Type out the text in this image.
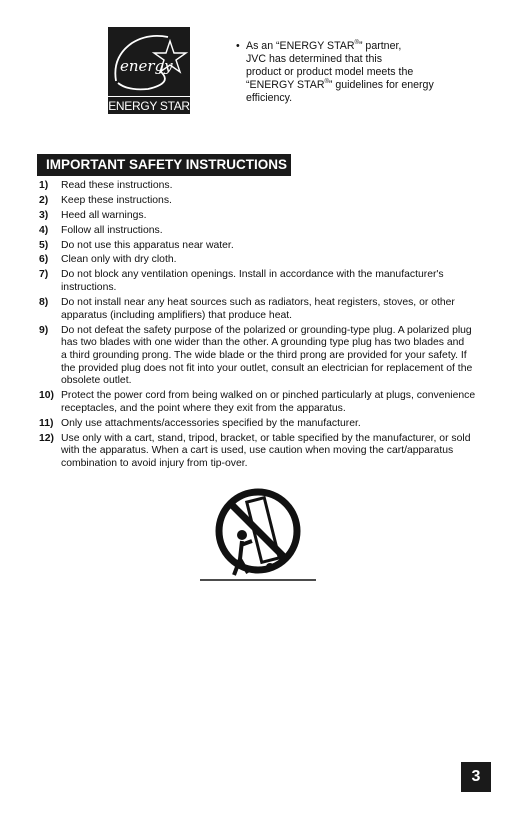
energy
ENERGY STAR
• As an “ENERGY STAR®” partner,
JVC has determined that this
product or product model meets the
“ENERGY STAR®” guidelines for energy
efficiency.
IMPORTANT SAFETY INSTRUCTIONS
1) Read these instructions.
2) Keep these instructions.
3) Heed all warnings.
4) Follow all instructions.
5) Do not use this apparatus near water.
6) Clean only with dry cloth.
7) Do not block any ventilation openings. Install in accordance with the manufacturer's
instructions.
8) Do not install near any heat sources such as radiators, heat registers, stoves, or other
apparatus (including amplifiers) that produce heat.
9) Do not defeat the safety purpose of the polarized or grounding-type plug. A polarized plug
has two blades with one wider than the other. A grounding type plug has two blades and
a third grounding prong. The wide blade or the third prong are provided for your safety. If
the provided plug does not fit into your outlet, consult an electrician for replacement of the
obsolete outlet.
10) Protect the power cord from being walked on or pinched particularly at plugs, convenience
receptacles, and the point where they exit from the apparatus.
11) Only use attachments/accessories specified by the manufacturer.
12) Use only with a cart, stand, tripod, bracket, or table specified by the manufacturer, or sold
with the apparatus. When a cart is used, use caution when moving the cart/apparatus
combination to avoid injury from tip-over.
3
